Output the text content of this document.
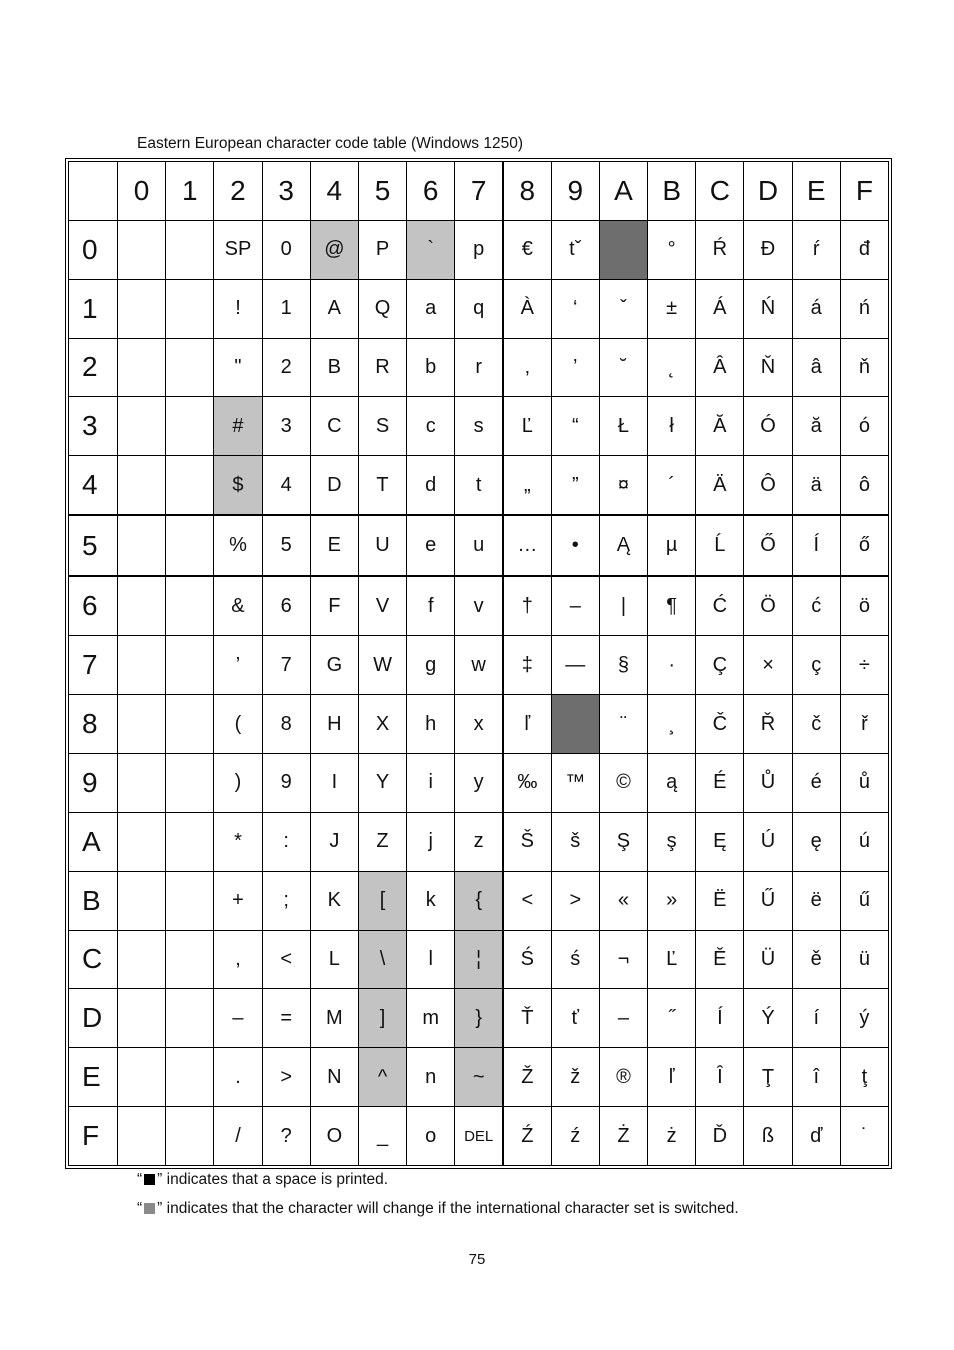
Eastern European character code table (Windows 1250)
	0	1	2	3	4	5	6	7	8	9	A	B	C	D	E	F
0			SP	0	@	P	`	p	€	tˇ		°	Ŕ	Đ	ŕ	đ
1			!	1	A	Q	a	q	À	‘	ˇ	±	Á	Ń	á	ń
2			"	2	B	R	b	r	‚	’	˘	˛	Â	Ň	â	ň
3			#	3	C	S	c	s	Ľ	“	Ł	ł	Ă	Ó	ă	ó
4			$	4	D	T	d	t	„	”	¤	´	Ä	Ô	ä	ô
5			%	5	E	U	e	u	…	•	Ą	µ	Ĺ	Ő	Í	ő
6			&	6	F	V	f	v	†	–	|	¶	Ć	Ö	ć	ö
7			’	7	G	W	g	w	‡	—	§	·	Ç	×	ç	÷
8			(	8	H	X	h	x	ľ		¨	¸	Č	Ř	č	ř
9			)	9	I	Y	i	y	‰	™	©	ą	É	Ů	é	ů
A			*	:	J	Z	j	z	Š	š	Ş	ş	Ę	Ú	ę	ú
B			+	;	K	[	k	{	<	>	«	»	Ë	Ű	ë	ű
C			,	<	L	\	l	¦	Ś	ś	¬	Ľ	Ě	Ü	ě	ü
D			–	=	M	]	m	}	Ť	ť	–	˝	Í	Ý	í	ý
E			.	>	N	^	n	~	Ž	ž	®	ľ	Î	Ţ	î	ţ
F			/	?	O	_	o	DEL	Ź	ź	Ż	ż	Ď	ß	ď	˙
“ ” indicates that a space is printed.
“ ” indicates that the character will change if the international character set is switched.
75
